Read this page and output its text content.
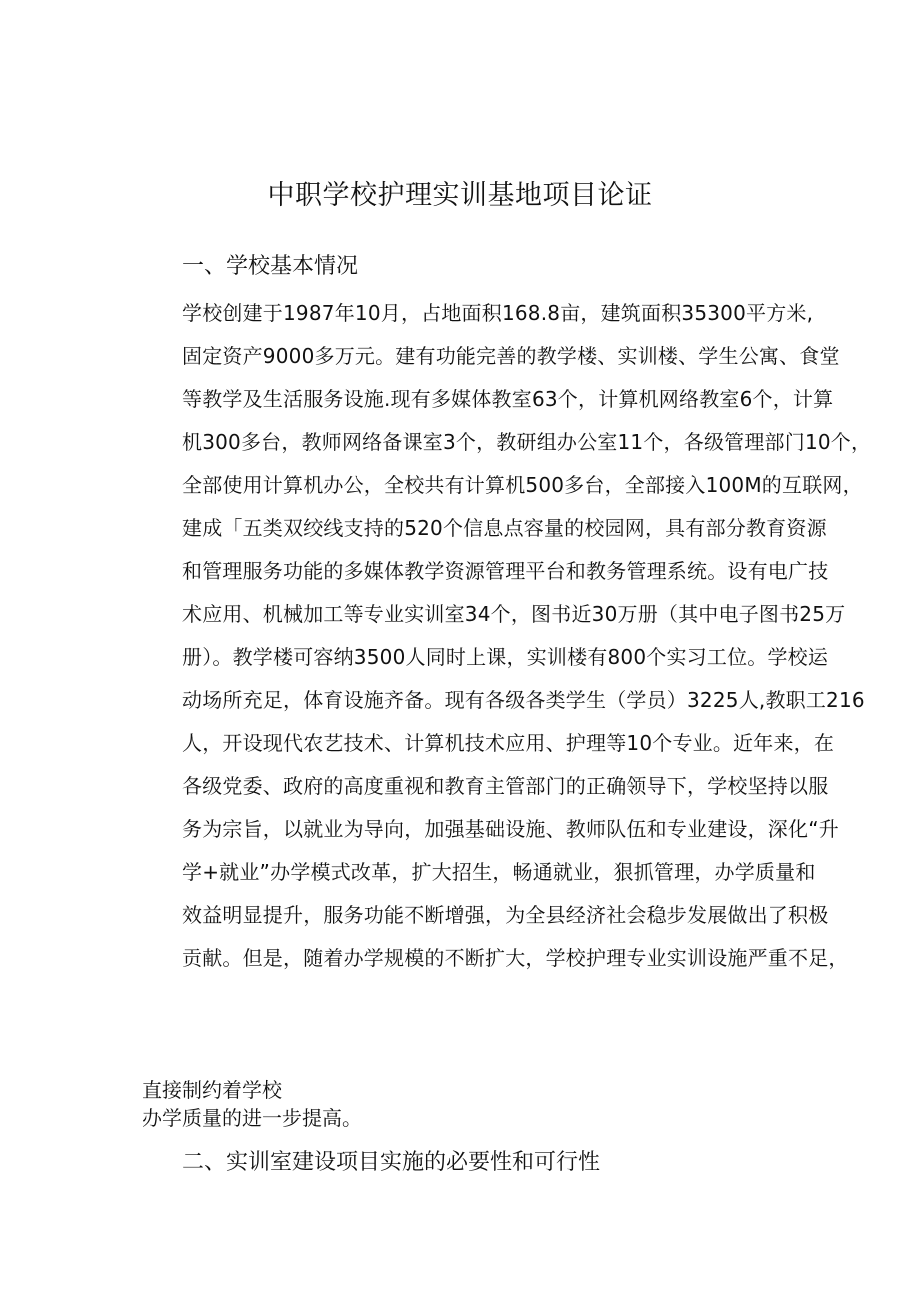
中职学校护理实训基地项目论证
一、学校基本情况
学校创建于1987年10月，占地面积168.8亩，建筑面积35300平方米,
固定资产9000多万元。建有功能完善的教学楼、实训楼、学生公寓、食堂
等教学及生活服务设施.现有多媒体教室63个，计算机网络教室6个，计算
机300多台，教师网络备课室3个，教研组办公室11个，各级管理部门10个，
全部使用计算机办公，全校共有计算机500多台，全部接入100M的互联网，
建成「五类双绞线支持的520个信息点容量的校园网，具有部分教育资源
和管理服务功能的多媒体教学资源管理平台和教务管理系统。设有电广技
术应用、机械加工等专业实训室34个，图书近30万册（其中电子图书25万
册）。教学楼可容纳3500人同时上课，实训楼有800个实习工位。学校运
动场所充足，体育设施齐备。现有各级各类学生（学员）3225人,教职工216
人，开设现代农艺技术、计算机技术应用、护理等10个专业。近年来，在
各级党委、政府的高度重视和教育主管部门的正确领导下，学校坚持以服
务为宗旨，以就业为导向，加强基础设施、教师队伍和专业建设，深化“升
学+就业”办学模式改革，扩大招生，畅通就业，狠抓管理，办学质量和
效益明显提升，服务功能不断增强，为全县经济社会稳步发展做出了积极
贡献。但是，随着办学规模的不断扩大，学校护理专业实训设施严重不足，

直接制约着学校

办学质量的进一步提高。

二、实训室建设项目实施的必要性和可行性
